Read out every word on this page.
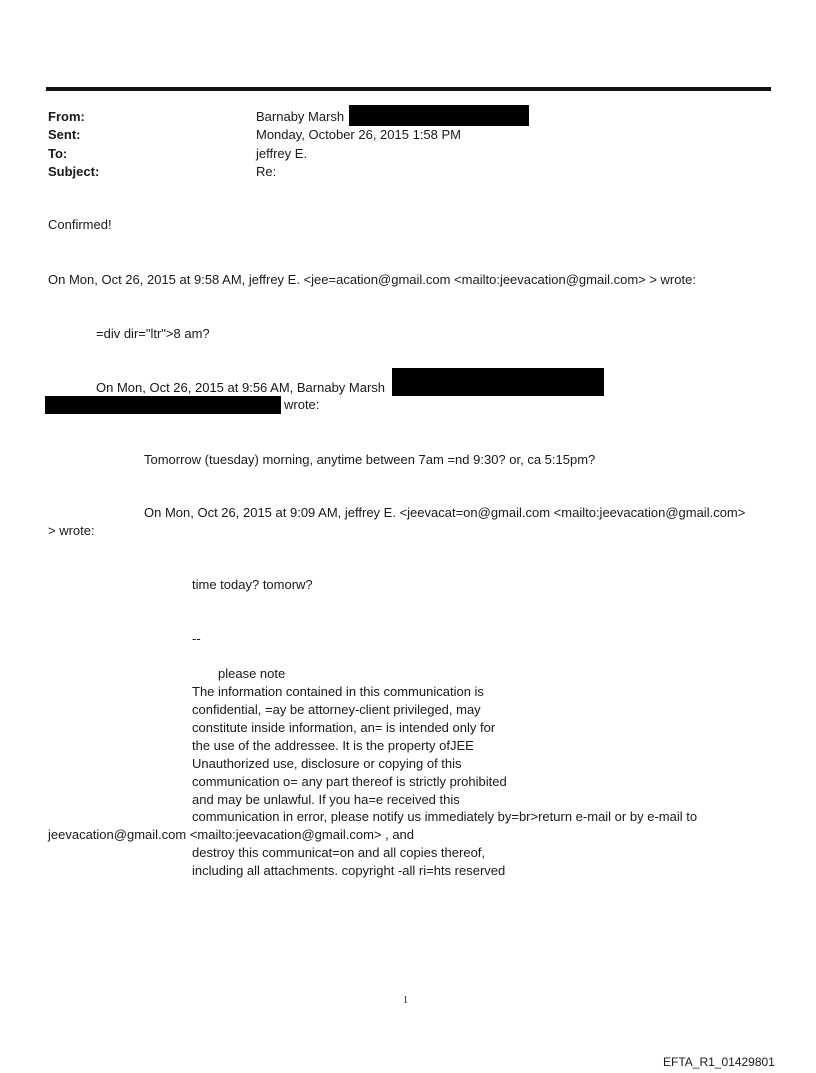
From:	Barnaby Marsh
Sent:	Monday, October 26, 2015 1:58 PM
To:	jeffrey E.
Subject:	Re:
Confirmed!
On Mon, Oct 26, 2015 at 9:58 AM, jeffrey E. <jee=acation@gmail.com <mailto:jeevacation@gmail.com> > wrote:
=div dir="ltr">8 am?
On Mon, Oct 26, 2015 at 9:56 AM, Barnaby Marsh
wrote:
Tomorrow (tuesday) morning, anytime between 7am =nd 9:30? or, ca 5:15pm?
On Mon, Oct 26, 2015 at 9:09 AM, jeffrey E. <jeevacat=on@gmail.com <mailto:jeevacation@gmail.com>
> wrote:
time today? tomorw?
--
please note
The information contained in this communication is
confidential, =ay be attorney-client privileged, may
constitute inside information, an= is intended only for
the use of the addressee. It is the property ofJEE
Unauthorized use, disclosure or copying of this
communication o= any part thereof is strictly prohibited
and may be unlawful. If you ha=e received this
communication in error, please notify us immediately by=br>return e-mail or by e-mail to
jeevacation@gmail.com <mailto:jeevacation@gmail.com> , and
destroy this communicat=on and all copies thereof,
including all attachments. copyright -all ri=hts reserved
1
EFTA_R1_01429801
